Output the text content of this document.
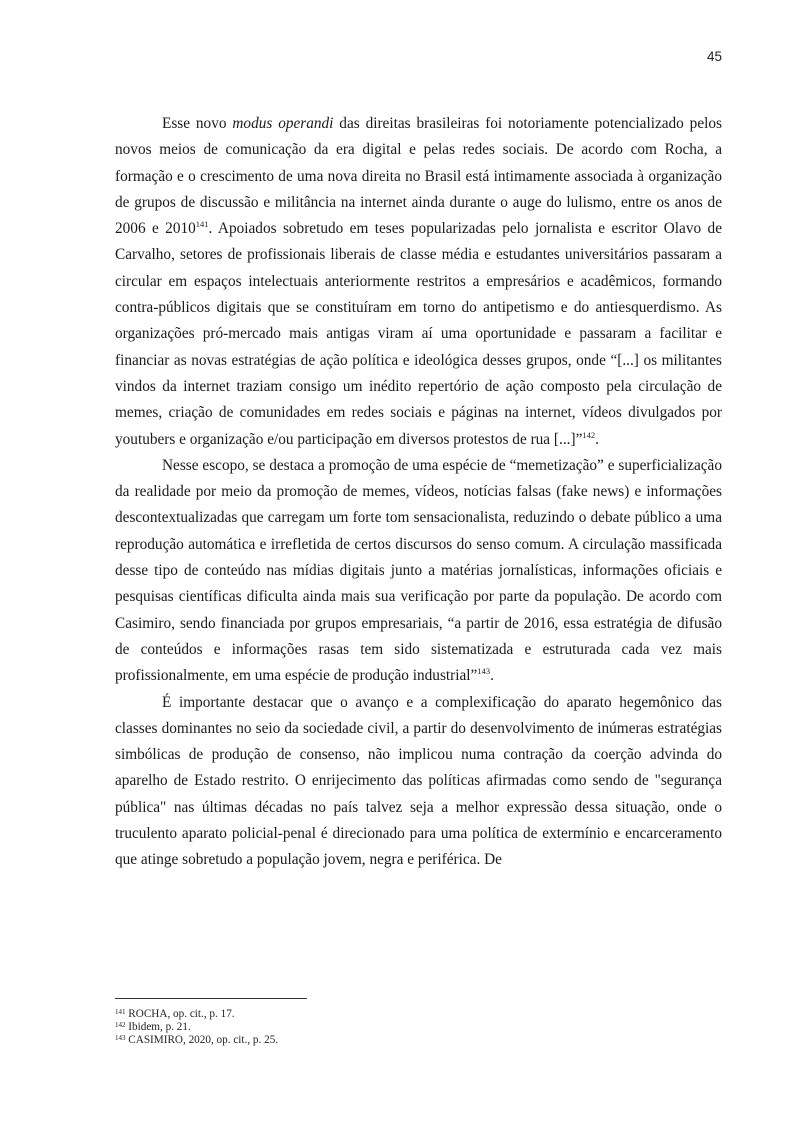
45

Esse novo modus operandi das direitas brasileiras foi notoriamente potencializado pelos novos meios de comunicação da era digital e pelas redes sociais. De acordo com Rocha, a formação e o crescimento de uma nova direita no Brasil está intimamente associada à organização de grupos de discussão e militância na internet ainda durante o auge do lulismo, entre os anos de 2006 e 2010$^{141}$. Apoiados sobretudo em teses popularizadas pelo jornalista e escritor Olavo de Carvalho, setores de profissionais liberais de classe média e estudantes universitários passaram a circular em espaços intelectuais anteriormente restritos a empresários e acadêmicos, formando contra-públicos digitais que se constituíram em torno do antipetismo e do antiesquerdismo. As organizações pró-mercado mais antigas viram aí uma oportunidade e passaram a facilitar e financiar as novas estratégias de ação política e ideológica desses grupos, onde “[...] os militantes vindos da internet traziam consigo um inédito repertório de ação composto pela circulação de memes, criação de comunidades em redes sociais e páginas na internet, vídeos divulgados por youtubers e organização e/ou participação em diversos protestos de rua [...]”$^{142}$.

Nesse escopo, se destaca a promoção de uma espécie de “memetização” e superficialização da realidade por meio da promoção de memes, vídeos, notícias falsas (fake news) e informações descontextualizadas que carregam um forte tom sensacionalista, reduzindo o debate público a uma reprodução automática e irrefletida de certos discursos do senso comum. A circulação massificada desse tipo de conteúdo nas mídias digitais junto a matérias jornalísticas, informações oficiais e pesquisas científicas dificulta ainda mais sua verificação por parte da população. De acordo com Casimiro, sendo financiada por grupos empresariais, “a partir de 2016, essa estratégia de difusão de conteúdos e informações rasas tem sido sistematizada e estruturada cada vez mais profissionalmente, em uma espécie de produção industrial”$^{143}$.

É importante destacar que o avanço e a complexificação do aparato hegemônico das classes dominantes no seio da sociedade civil, a partir do desenvolvimento de inúmeras estratégias simbólicas de produção de consenso, não implicou numa contração da coerção advinda do aparelho de Estado restrito. O enrijecimento das políticas afirmadas como sendo de "segurança pública" nas últimas décadas no país talvez seja a melhor expressão dessa situação, onde o truculento aparato policial-penal é direcionado para uma política de extermínio e encarceramento que atinge sobretudo a população jovem, negra e periférica. De

$^{141}$ ROCHA, op. cit., p. 17.
$^{142}$ Ibidem, p. 21.
$^{143}$ CASIMIRO, 2020, op. cit., p. 25.
